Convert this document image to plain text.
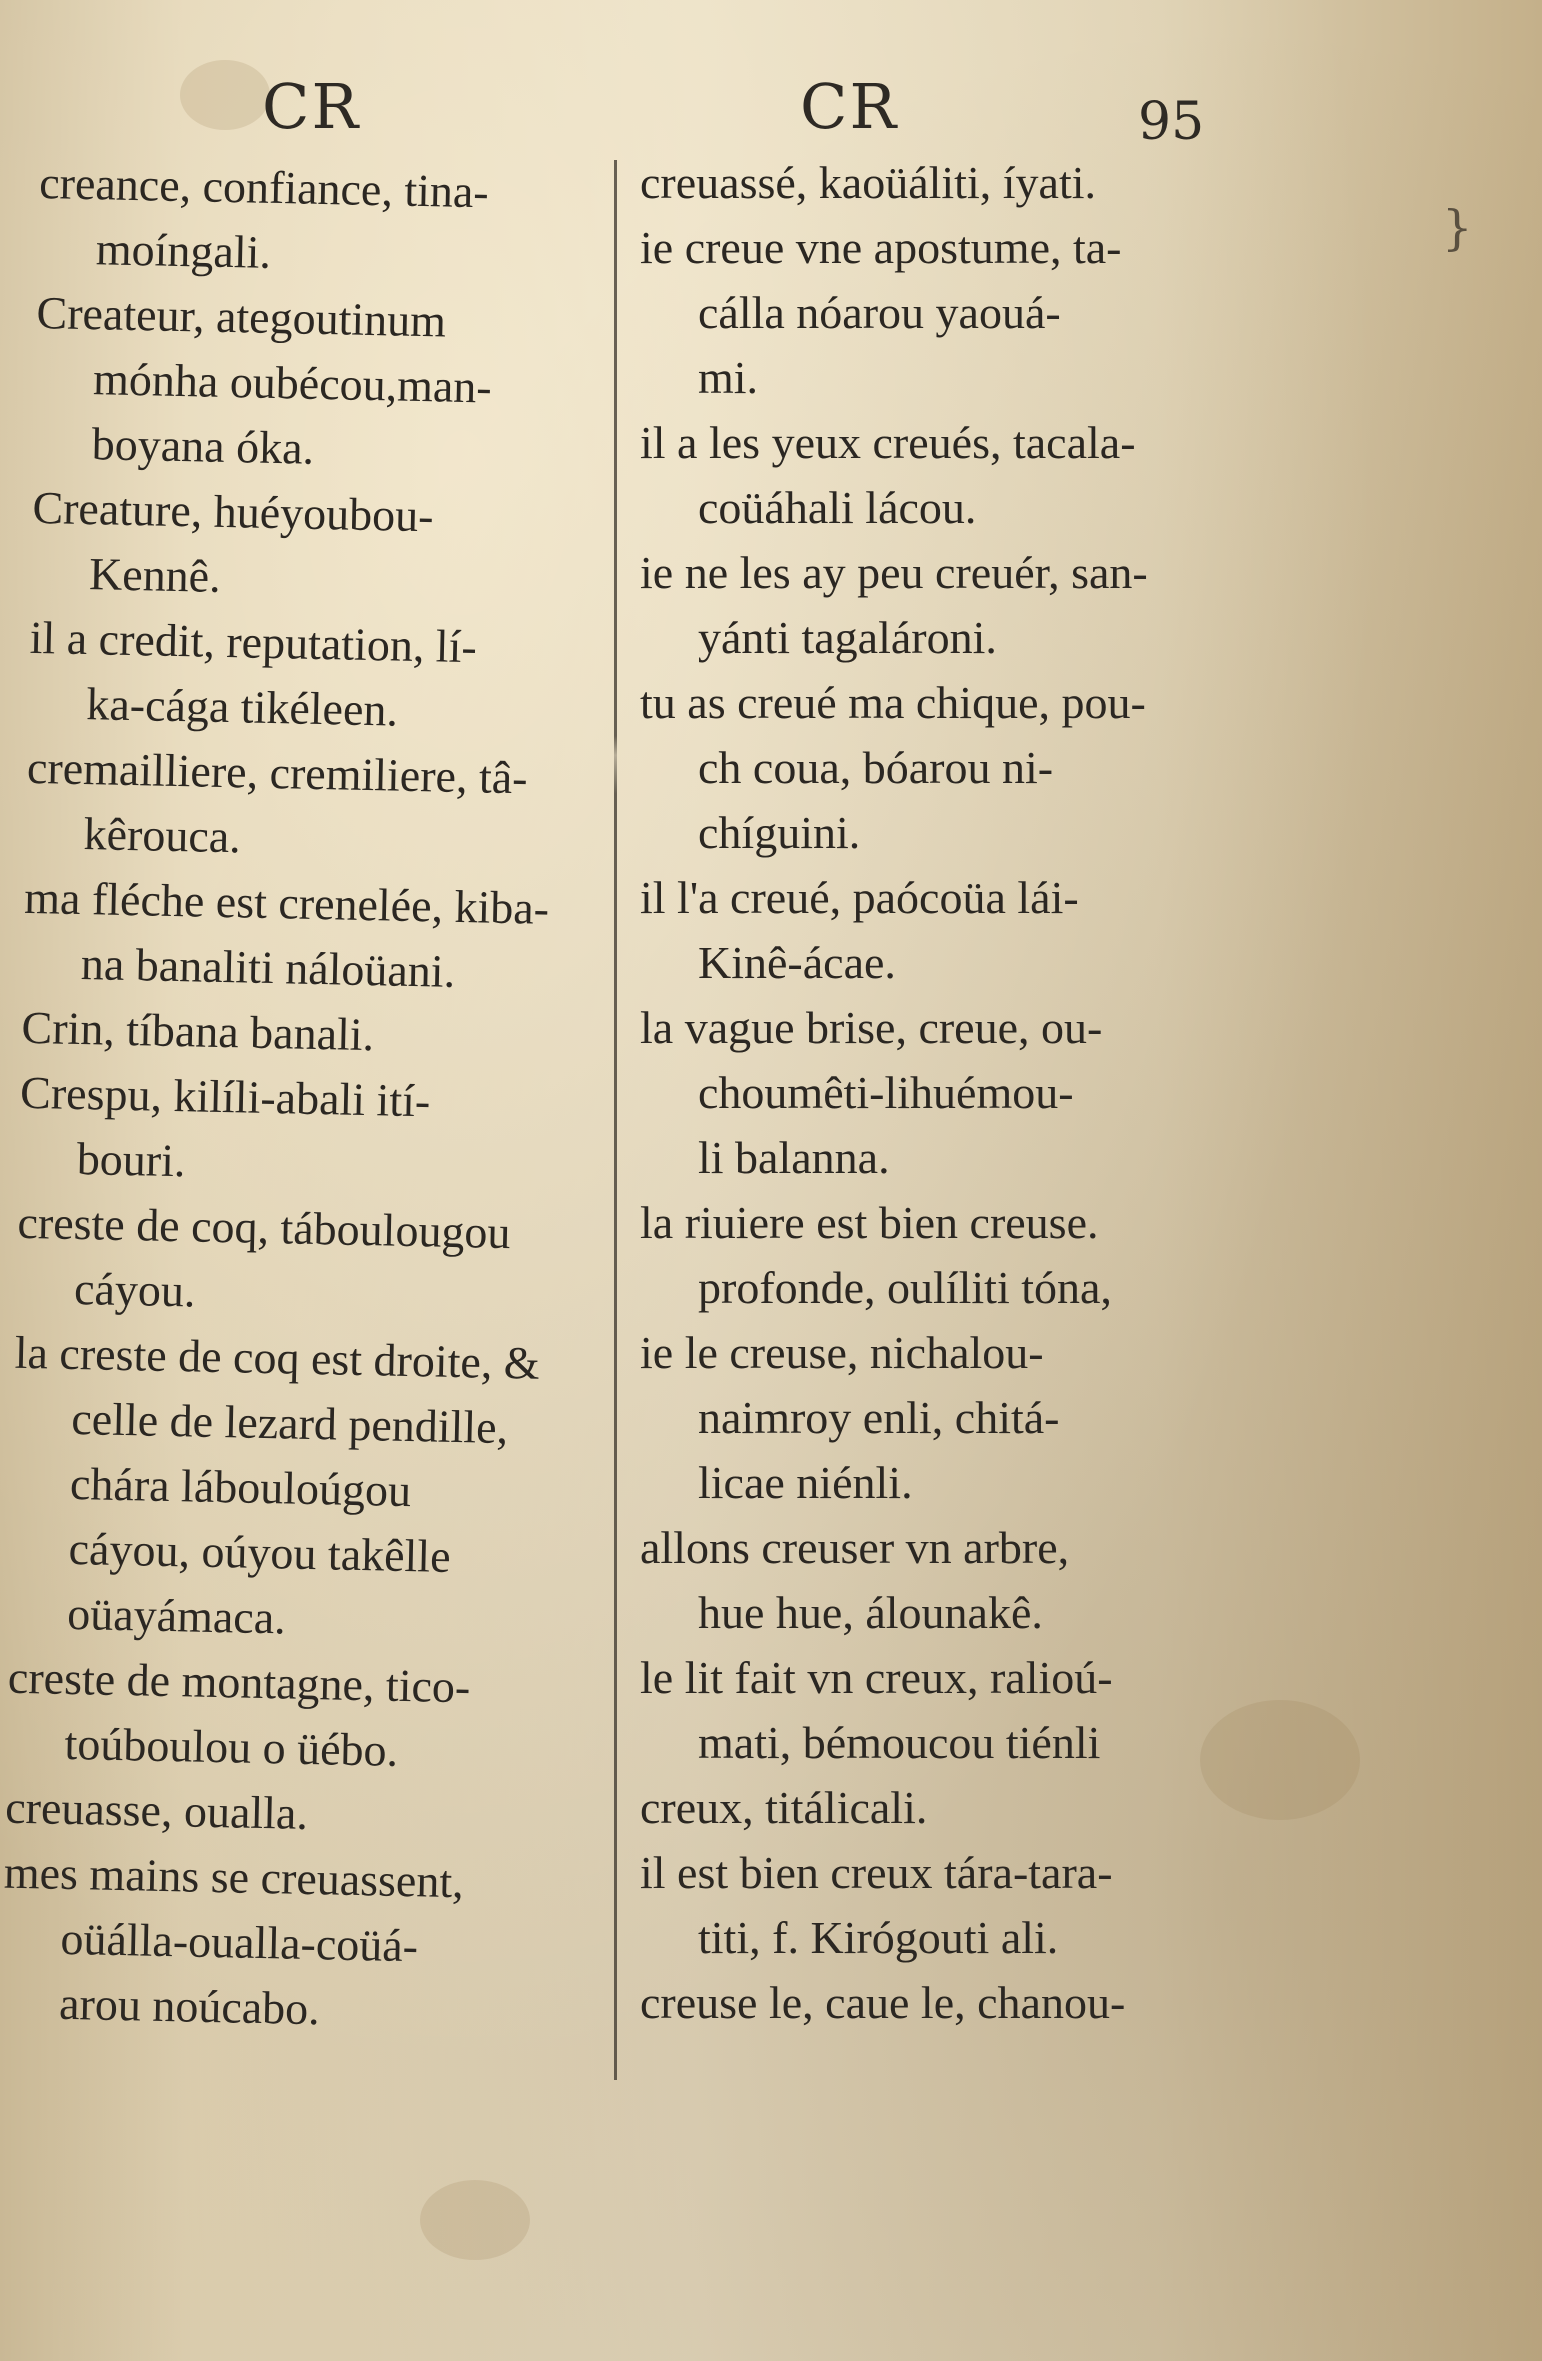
CR	CR	95
}
creance, confiance, tina-
moíngali.
Createur, ategoutinum
mónha oubécou,man-
boyana óka.
Creature, huéyoubou-
Kennê.
il a credit, reputation, lí-
ka-cága tikéleen.
cremailliere, cremiliere, tâ-
kêrouca.
ma fléche est crenelée, kiba-
na banaliti náloüani.
Crin, tíbana banali.
Crespu, kilíli-abali ití-
bouri.
creste de coq, táboulougou
cáyou.
la creste de coq est droite, &
celle de lezard pendille,
chára lábouloúgou
cáyou, oúyou takêlle
oüayámaca.
creste de montagne, tico-
toúboulou o üébo.
creuasse, oualla.
mes mains se creuassent,
oüálla-oualla-coüá-
arou noúcabo.
creuassé, kaoüáliti, íyati.
ie creue vne apostume, ta-
cálla nóarou yaouá-
mi.
il a les yeux creués, tacala-
coüáhali lácou.
ie ne les ay peu creuér, san-
yánti tagalároni.
tu as creué ma chique, pou-
ch coua, bóarou ni-
chíguini.
il l'a creué, paócoüa lái-
Kinê-ácae.
la vague brise, creue, ou-
choumêti-lihuémou-
li balanna.
la riuiere est bien creuse.
profonde, oulíliti tóna,
ie le creuse, nichalou-
naimroy enli, chitá-
licae niénli.
allons creuser vn arbre,
hue hue, álounakê.
le lit fait vn creux, ralioú-
mati, bémoucou tiénli
creux, titálicali.
il est bien creux tára-tara-
titi, f. Kirógouti ali.
creuse le, caue le, chanou-
